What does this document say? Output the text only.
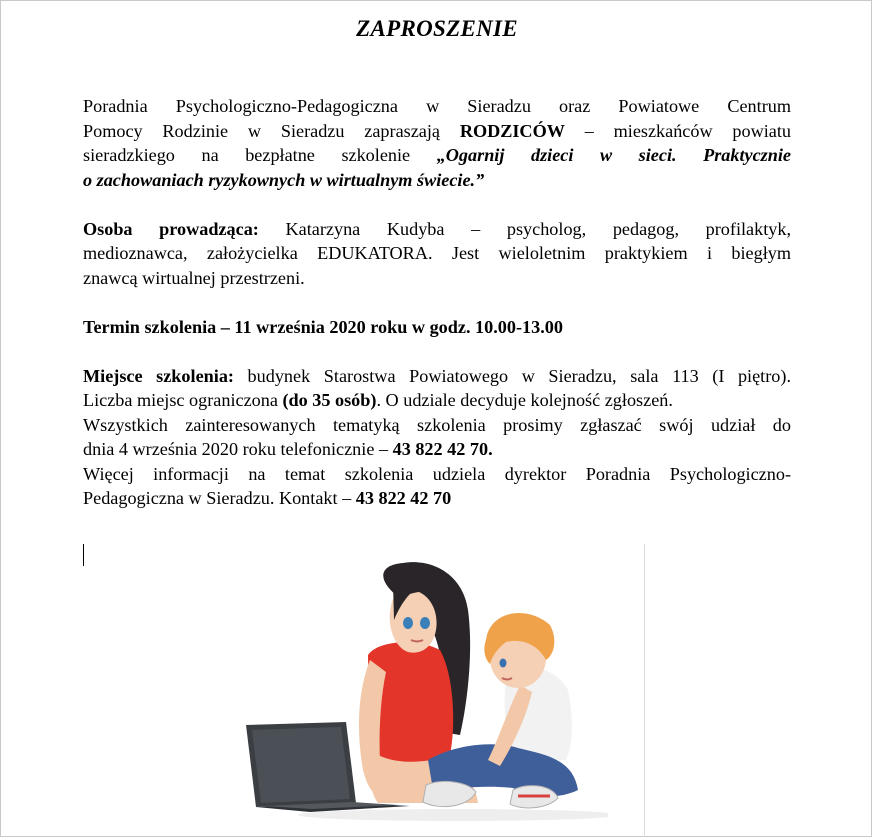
ZAPROSZENIE

Poradnia Psychologiczno-Pedagogiczna w Sieradzu oraz Powiatowe Centrum
Pomocy Rodzinie w Sieradzu zapraszają RODZICÓW – mieszkańców powiatu
sieradzkiego na bezpłatne szkolenie „Ogarnij dzieci w sieci. Praktycznie
o zachowaniach ryzykownych w wirtualnym świecie.”

Osoba prowadząca: Katarzyna Kudyba – psycholog, pedagog, profilaktyk,
medioznawca, założycielka EDUKATORA. Jest wieloletnim praktykiem i biegłym
znawcą wirtualnej przestrzeni.

Termin szkolenia – 11 września 2020 roku w godz. 10.00-13.00

Miejsce szkolenia: budynek Starostwa Powiatowego w Sieradzu, sala 113 (I piętro).
Liczba miejsc ograniczona (do 35 osób). O udziale decyduje kolejność zgłoszeń.
Wszystkich zainteresowanych tematyką szkolenia prosimy zgłaszać swój udział do
dnia 4 września 2020 roku telefonicznie – 43 822 42 70.
Więcej informacji na temat szkolenia udziela dyrektor Poradnia Psychologiczno-
Pedagogiczna w Sieradzu. Kontakt – 43 822 42 70
